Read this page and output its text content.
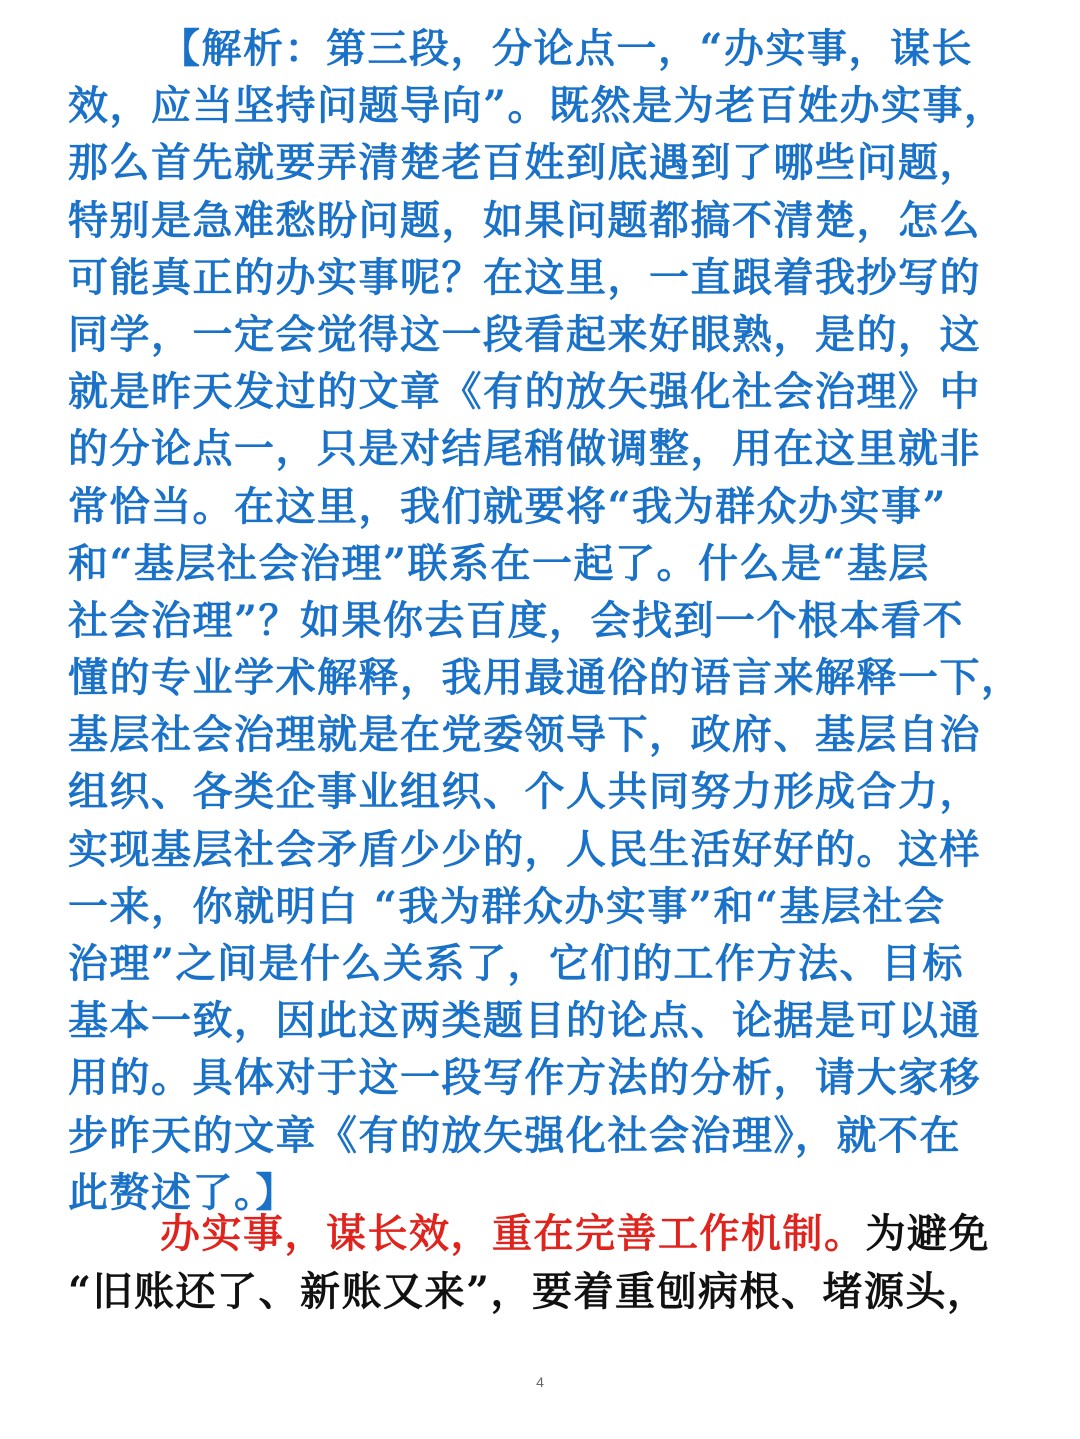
【解析：第三段，分论点一，“办实事，谋长
效，应当坚持问题导向”。既然是为老百姓办实事，
那么首先就要弄清楚老百姓到底遇到了哪些问题，
特别是急难愁盼问题，如果问题都搞不清楚，怎么
可能真正的办实事呢？在这里，一直跟着我抄写的
同学，一定会觉得这一段看起来好眼熟，是的，这
就是昨天发过的文章《有的放矢强化社会治理》中
的分论点一，只是对结尾稍做调整，用在这里就非
常恰当。在这里，我们就要将“我为群众办实事”
和“基层社会治理”联系在一起了。什么是“基层
社会治理”？如果你去百度，会找到一个根本看不
懂的专业学术解释，我用最通俗的语言来解释一下，
基层社会治理就是在党委领导下，政府、基层自治
组织、各类企事业组织、个人共同努力形成合力，
实现基层社会矛盾少少的，人民生活好好的。这样
一来，你就明白 “我为群众办实事”和“基层社会
治理”之间是什么关系了，它们的工作方法、目标
基本一致，因此这两类题目的论点、论据是可以通
用的。具体对于这一段写作方法的分析，请大家移
步昨天的文章《有的放矢强化社会治理》，就不在
此赘述了。】
办实事，谋长效，重在完善工作机制。为避免
“旧账还了、新账又来”，要着重刨病根、堵源头，
4
